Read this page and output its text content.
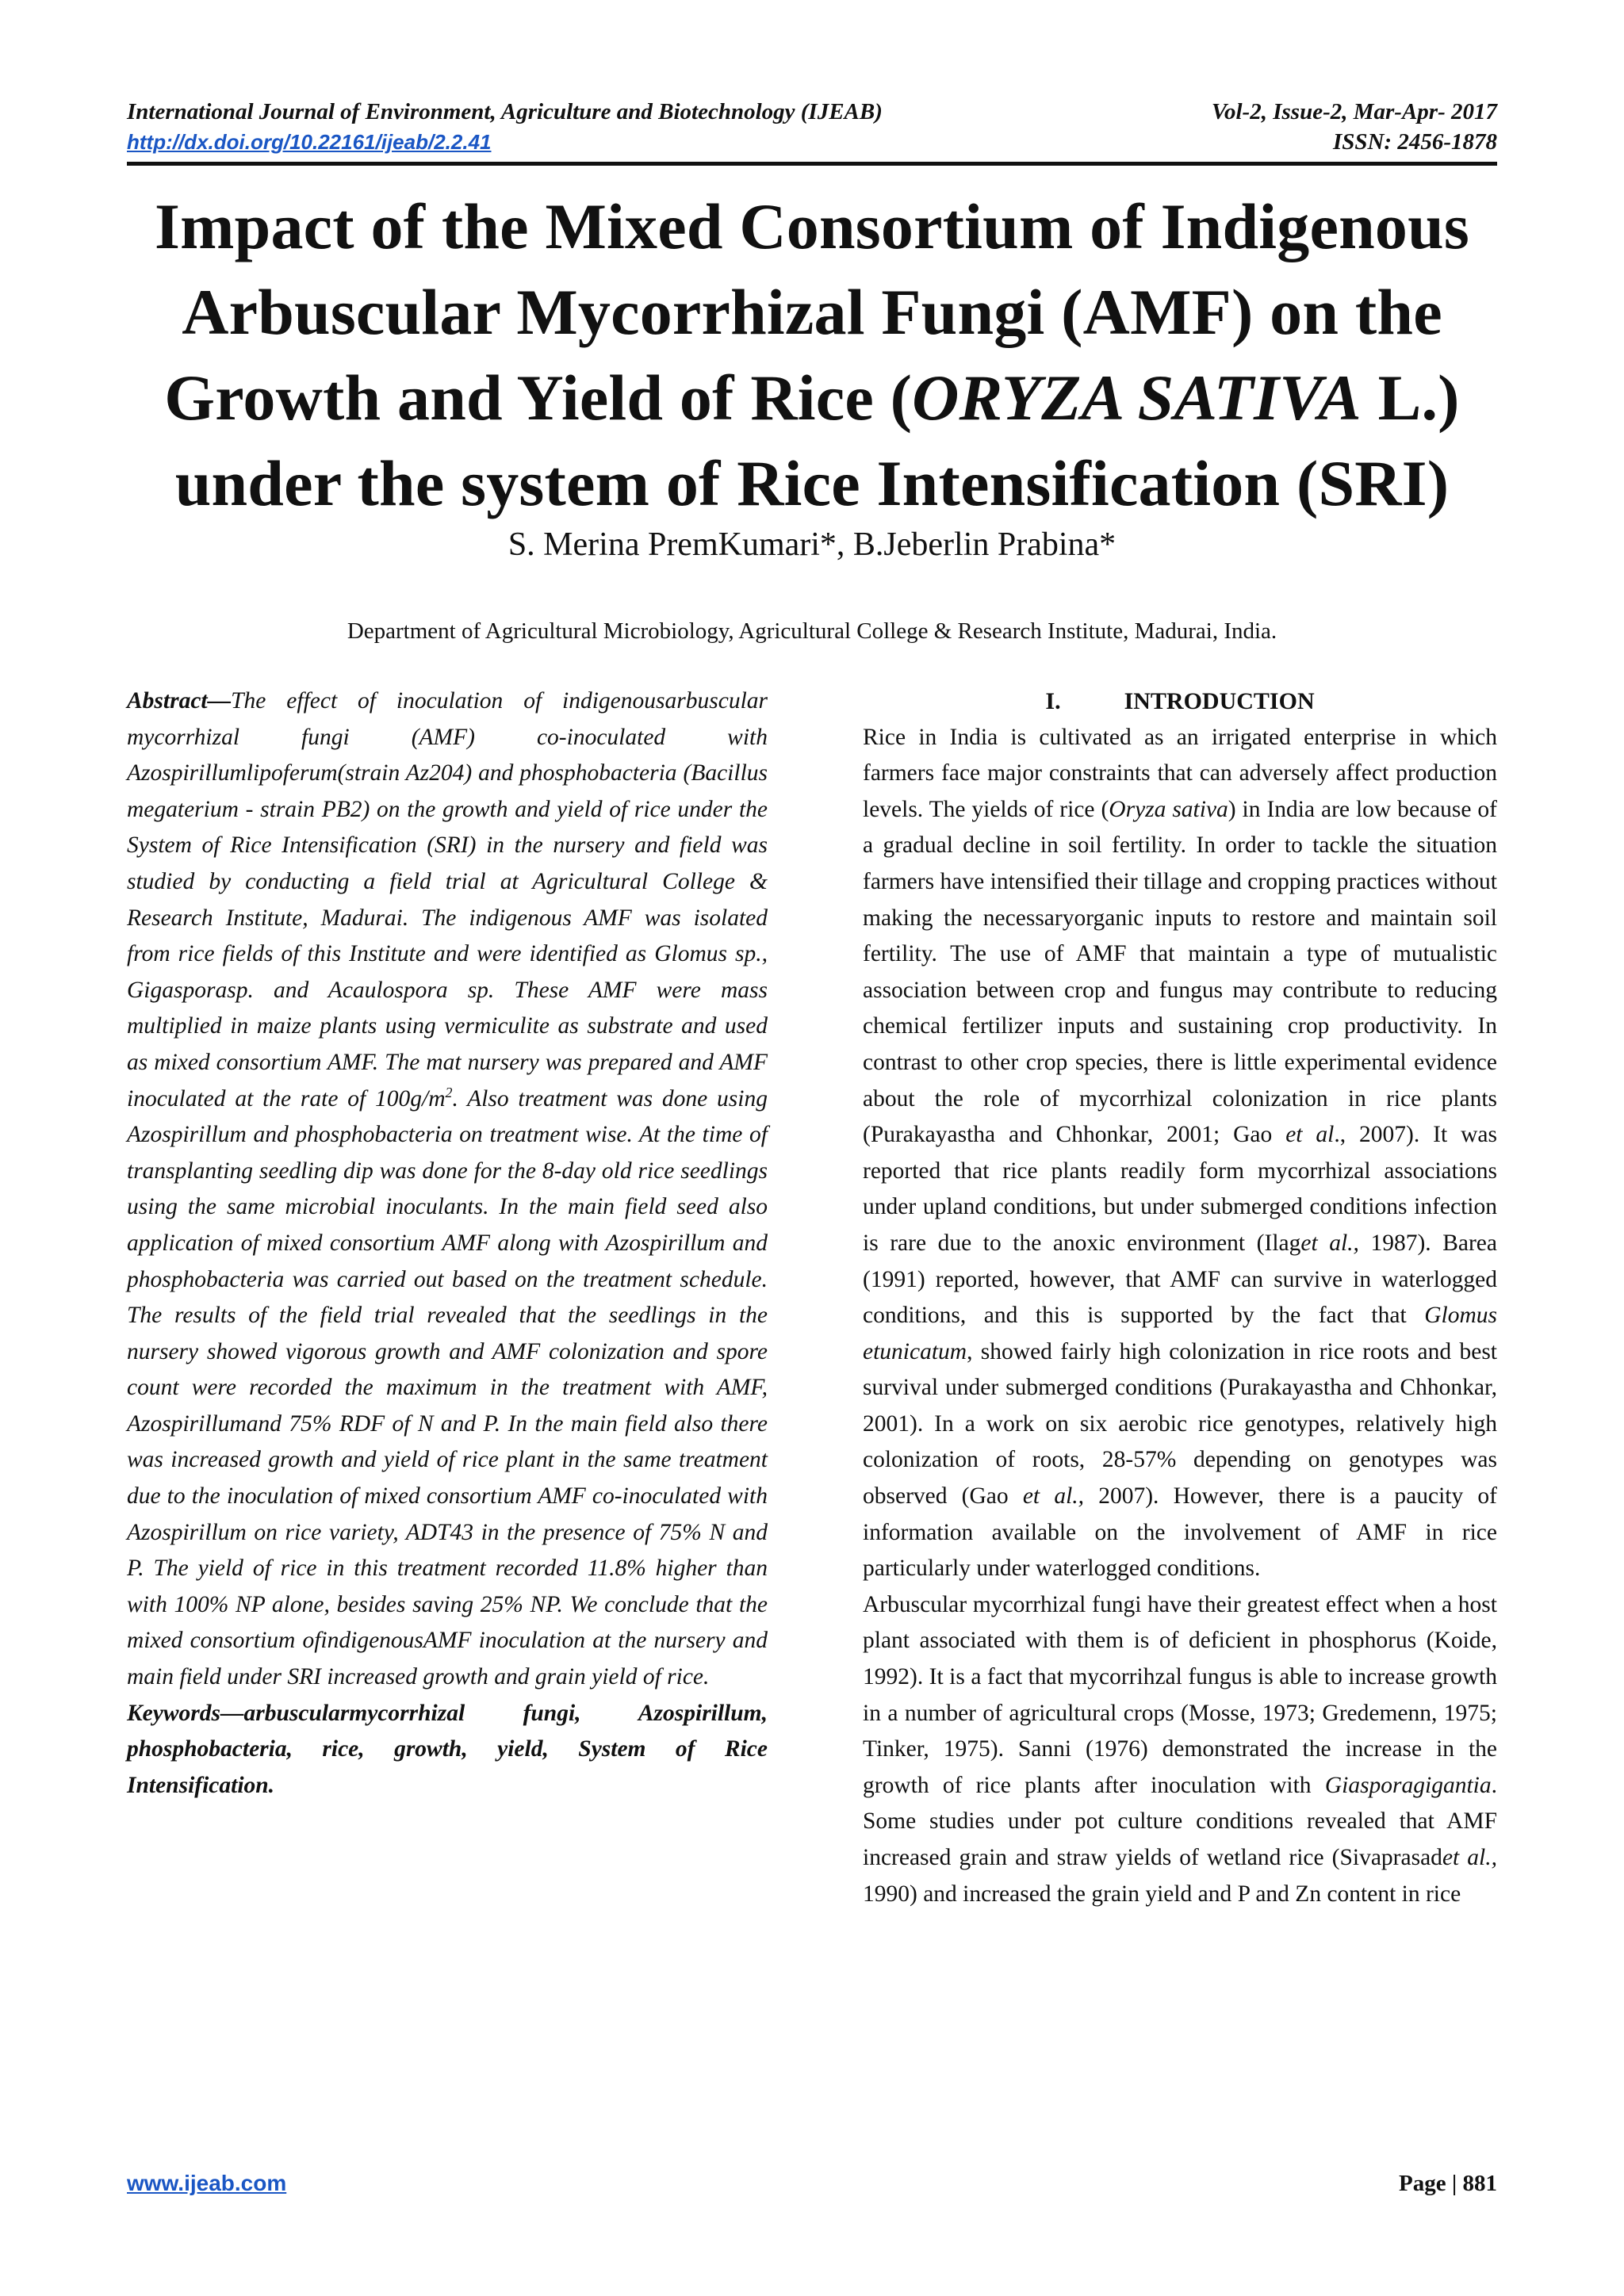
International Journal of Environment, Agriculture and Biotechnology (IJEAB)	Vol-2, Issue-2, Mar-Apr- 2017
http://dx.doi.org/10.22161/ijeab/2.2.41	ISSN: 2456-1878
Impact of the Mixed Consortium of Indigenous
Arbuscular Mycorrhizal Fungi (AMF) on the
Growth and Yield of Rice (ORYZA SATIVA L.)
under the system of Rice Intensification (SRI)
S. Merina PremKumari*, B.Jeberlin Prabina*
Department of Agricultural Microbiology, Agricultural College & Research Institute, Madurai, India.

Abstract—The effect of inoculation of indigenousarbuscular mycorrhizal fungi (AMF) co-inoculated with Azospirillumlipoferum(strain Az204) and phosphobacteria (Bacillus megaterium - strain PB2) on the growth and yield of rice under the System of Rice Intensification (SRI) in the nursery and field was studied by conducting a field trial at Agricultural College & Research Institute, Madurai. The indigenous AMF was isolated from rice fields of this Institute and were identified as Glomus sp., Gigasporasp. and Acaulospora sp. These AMF were mass multiplied in maize plants using vermiculite as substrate and used as mixed consortium AMF. The mat nursery was prepared and AMF inoculated at the rate of $100g/m^2$. Also treatment was done using Azospirillum and phosphobacteria on treatment wise. At the time of transplanting seedling dip was done for the 8-day old rice seedlings using the same microbial inoculants. In the main field seed also application of mixed consortium AMF along with Azospirillum and phosphobacteria was carried out based on the treatment schedule. The results of the field trial revealed that the seedlings in the nursery showed vigorous growth and AMF colonization and spore count were recorded the maximum in the treatment with AMF, Azospirillumand 75% RDF of N and P. In the main field also there was increased growth and yield of rice plant in the same treatment due to the inoculation of mixed consortium AMF co-inoculated with Azospirillum on rice variety, ADT43 in the presence of 75% N and P. The yield of rice in this treatment recorded 11.8% higher than with 100% NP alone, besides saving 25% NP. We conclude that the mixed consortium ofindigenousAMF inoculation at the nursery and main field under SRI increased growth and grain yield of rice.

Keywords—arbuscularmycorrhizal fungi, Azospirillum, phosphobacteria, rice, growth, yield, System of Rice Intensification.

I.	INTRODUCTION

Rice in India is cultivated as an irrigated enterprise in which farmers face major constraints that can adversely affect production levels. The yields of rice (Oryza sativa) in India are low because of a gradual decline in soil fertility. In order to tackle the situation farmers have intensified their tillage and cropping practices without making the necessaryorganic inputs to restore and maintain soil fertility. The use of AMF that maintain a type of mutualistic association between crop and fungus may contribute to reducing chemical fertilizer inputs and sustaining crop productivity. In contrast to other crop species, there is little experimental evidence about the role of mycorrhizal colonization in rice plants (Purakayastha and Chhonkar, 2001; Gao et al., 2007). It was reported that rice plants readily form mycorrhizal associations under upland conditions, but under submerged conditions infection is rare due to the anoxic environment (Ilaget al., 1987). Barea (1991) reported, however, that AMF can survive in waterlogged conditions, and this is supported by the fact that Glomus etunicatum, showed fairly high colonization in rice roots and best survival under submerged conditions (Purakayastha and Chhonkar, 2001). In a work on six aerobic rice genotypes, relatively high colonization of roots, 28-57% depending on genotypes was observed (Gao et al., 2007). However, there is a paucity of information available on the involvement of AMF in rice particularly under waterlogged conditions.

Arbuscular mycorrhizal fungi have their greatest effect when a host plant associated with them is of deficient in phosphorus (Koide, 1992). It is a fact that mycorrihzal fungus is able to increase growth in a number of agricultural crops (Mosse, 1973; Gredemenn, 1975; Tinker, 1975). Sanni (1976) demonstrated the increase in the growth of rice plants after inoculation with Giasporagigantia. Some studies under pot culture conditions revealed that AMF increased grain and straw yields of wetland rice (Sivaprasadet al., 1990) and increased the grain yield and P and Zn content in rice

www.ijeab.com	Page | 881
